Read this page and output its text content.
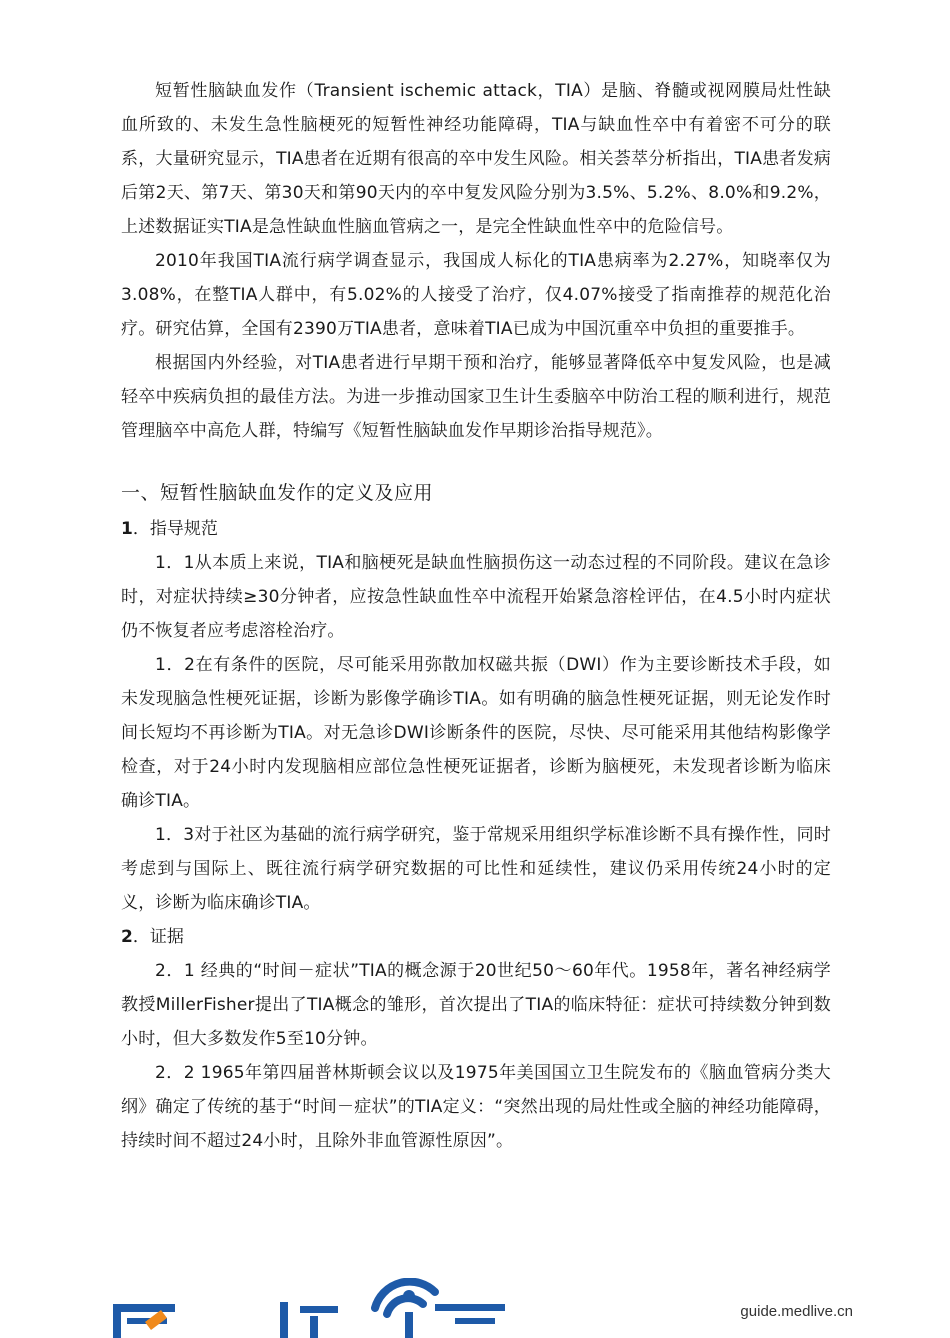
短暂性脑缺血发作（Transient ischemic attack，TIA）是脑、脊髓或视网膜局灶性缺血所致的、未发生急性脑梗死的短暂性神经功能障碍，TIA与缺血性卒中有着密不可分的联系，大量研究显示，TIA患者在近期有很高的卒中发生风险。相关荟萃分析指出，TIA患者发病后第2天、第7天、第30天和第90天内的卒中复发风险分别为3.5%、5.2%、8.0%和9.2%，上述数据证实TIA是急性缺血性脑血管病之一，是完全性缺血性卒中的危险信号。

2010年我国TIA流行病学调查显示，我国成人标化的TIA患病率为2.27%，知晓率仅为3.08%，在整TIA人群中，有5.02%的人接受了治疗，仅4.07%接受了指南推荐的规范化治疗。研究估算，全国有2390万TIA患者，意味着TIA已成为中国沉重卒中负担的重要推手。

根据国内外经验，对TIA患者进行早期干预和治疗，能够显著降低卒中复发风险，也是减轻卒中疾病负担的最佳方法。为进一步推动国家卫生计生委脑卒中防治工程的顺利进行，规范管理脑卒中高危人群，特编写《短暂性脑缺血发作早期诊治指导规范》。

一、短暂性脑缺血发作的定义及应用
1．指导规范

1．1从本质上来说，TIA和脑梗死是缺血性脑损伤这一动态过程的不同阶段。建议在急诊时，对症状持续≥30分钟者，应按急性缺血性卒中流程开始紧急溶栓评估，在4.5小时内症状仍不恢复者应考虑溶栓治疗。

1．2在有条件的医院，尽可能采用弥散加权磁共振（DWI）作为主要诊断技术手段，如未发现脑急性梗死证据，诊断为影像学确诊TIA。如有明确的脑急性梗死证据，则无论发作时间长短均不再诊断为TIA。对无急诊DWI诊断条件的医院，尽快、尽可能采用其他结构影像学检查，对于24小时内发现脑相应部位急性梗死证据者，诊断为脑梗死，未发现者诊断为临床确诊TIA。

1．3对于社区为基础的流行病学研究，鉴于常规采用组织学标准诊断不具有操作性，同时考虑到与国际上、既往流行病学研究数据的可比性和延续性，建议仍采用传统24小时的定义，诊断为临床确诊TIA。

2．证据

2．1 经典的“时间－症状”TIA的概念源于20世纪50～60年代。1958年，著名神经病学教授MillerFisher提出了TIA概念的雏形，首次提出了TIA的临床特征：症状可持续数分钟到数小时，但大多数发作5至10分钟。

2．2 1965年第四届普林斯顿会议以及1975年美国国立卫生院发布的《脑血管病分类大纲》确定了传统的基于“时间－症状”的TIA定义：“突然出现的局灶性或全脑的神经功能障碍，持续时间不超过24小时，且除外非血管源性原因”。

guide.medlive.cn
